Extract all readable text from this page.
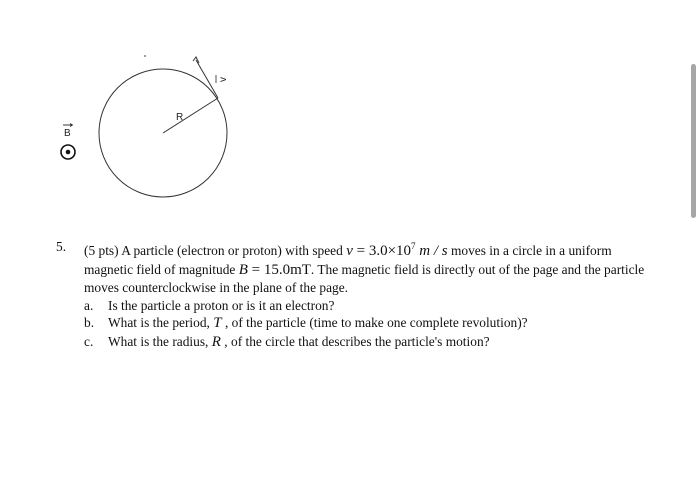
B
R
v
5.	(5 pts) A particle (electron or proton) with speed $v = 3.0\times 10^7$ m / s moves in a circle in a uniform magnetic field of magnitude B = 15.0mT. The magnetic field is directly out of the page and the particle moves counterclockwise in the plane of the page.
a.	Is the particle a proton or is it an electron?
b.	What is the period, T , of the particle (time to make one complete revolution)?
c.	What is the radius, R , of the circle that describes the particle's motion?
